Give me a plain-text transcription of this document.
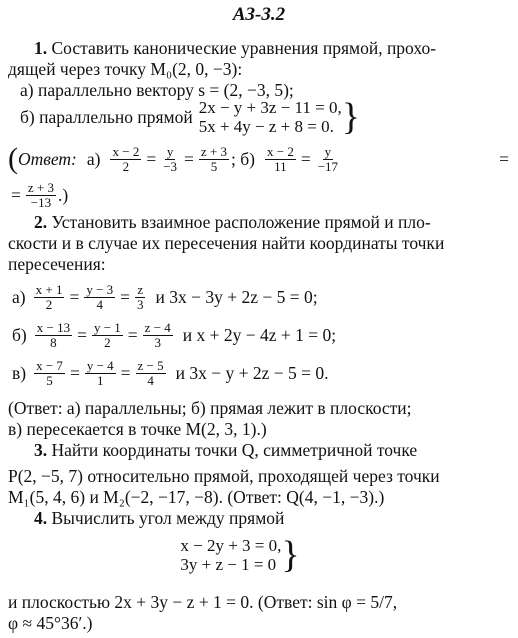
АЗ-3.2
1. Составить канонические уравнения прямой, прохо-
дящей через точку M₀(2, 0, −3):
а) параллельно вектору s = (2, −3, 5);
б) параллельно прямой 2x − y + 3z − 11 = 0,
5x + 4y − z + 8 = 0. }
( Ответ: $а) \frac{x - 2}{2} = \frac{y}{-3} = \frac{z + 3}{5}$ ; $б) \frac{x - 2}{11} = \frac{y}{-17}$	=
= $\frac{z + 3}{-13}$ .)
2. Установить взаимное расположение прямой и пло-
скости и в случае их пересечения найти координаты точки
пересечения:
$а) \frac{x + 1}{2} = \frac{y - 3}{4} = \frac{z}{3}$ и 3x − 3y + 2z − 5 = 0;
$б) \frac{x - 13}{8} = \frac{y - 1}{2} = \frac{z - 4}{3}$ и x + 2y − 4z + 1 = 0;
$в) \frac{x - 7}{5} = \frac{y - 4}{1} = \frac{z - 5}{4}$ и 3x − y + 2z − 5 = 0.
(Ответ: а) параллельны; б) прямая лежит в плоскости;
в) пересекается в точке M(2, 3, 1).)
3. Найти координаты точки Q, симметричной точке
P(2, −5, 7) относительно прямой, проходящей через точки
M₁(5, 4, 6) и M₂(−2, −17, −8). (Ответ: Q(4, −1, −3).)
4. Вычислить угол между прямой
x − 2y + 3 = 0,
3y + z − 1 = 0 }
и плоскостью 2x + 3y − z + 1 = 0. (Ответ: sin φ = 5/7,
φ ≈ 45°36′.)
